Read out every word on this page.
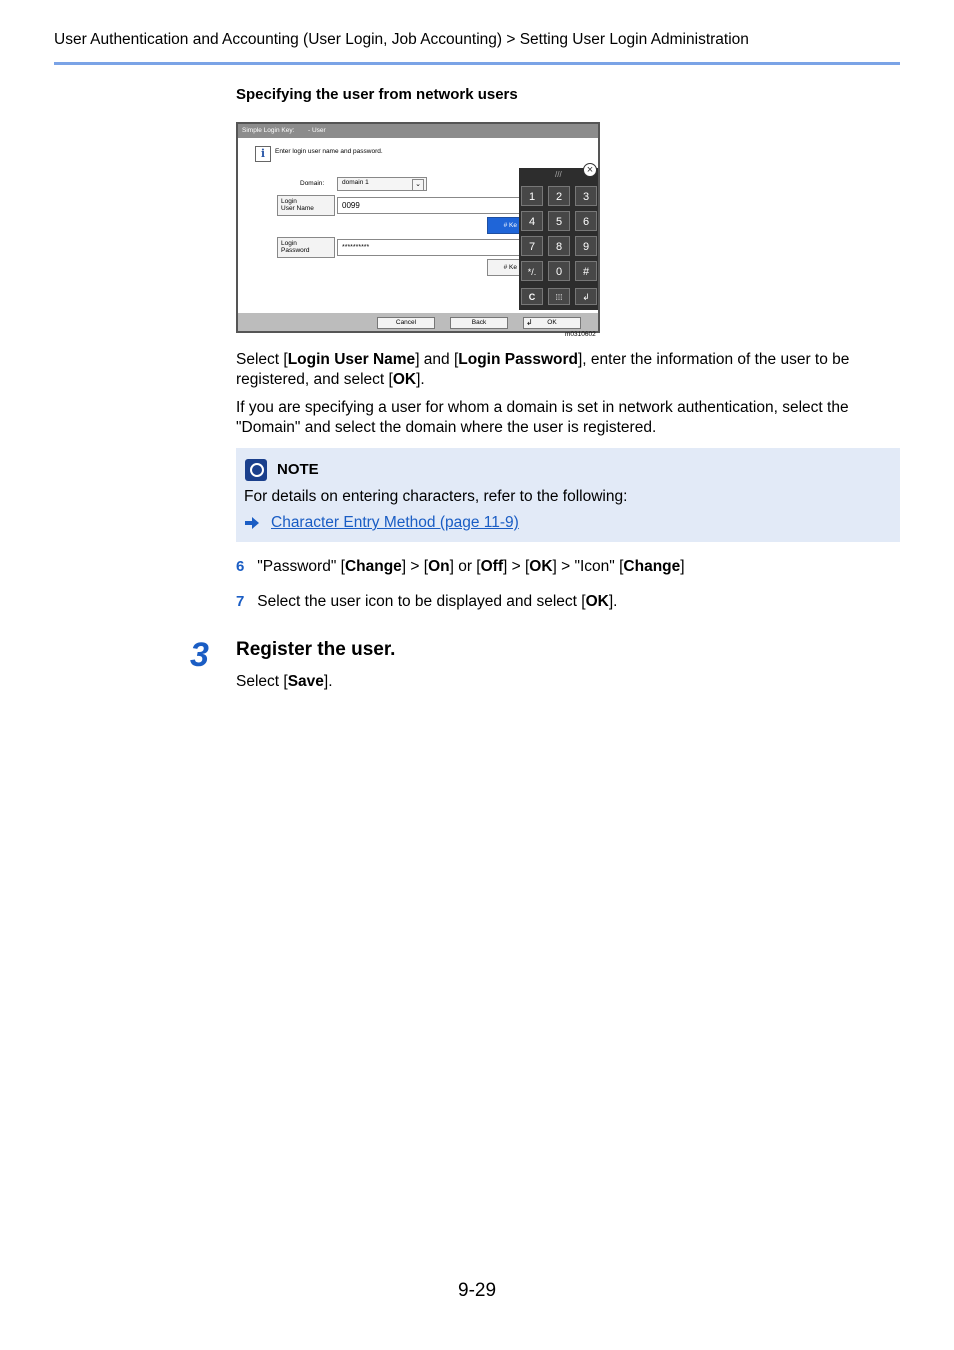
User Authentication and Accounting (User Login, Job Accounting) > Setting User Login Administration
Specifying the user from network users
Simple Login Key: - User
i	Enter login user name and password.
Domain:	domain 1	⌄
Login
User Name	0099
# Ke
Login
Password	**********
# Ke
///
1	2	3
4	5	6
7	8	9
*/.	0	#
C	⁞⁞⁞	↲
×
Cancel	Back	↲ OK
m0310602
Select [Login User Name] and [Login Password], enter the information of the user to be
registered, and select [OK].
If you are specifying a user for whom a domain is set in network authentication, select the
"Domain" and select the domain where the user is registered.
NOTE
For details on entering characters, refer to the following:
Character Entry Method (page 11-9)
6 "Password" [Change] > [On] or [Off] > [OK] > "Icon" [Change]
7 Select the user icon to be displayed and select [OK].
3 Register the user.
Select [Save].
9-29
